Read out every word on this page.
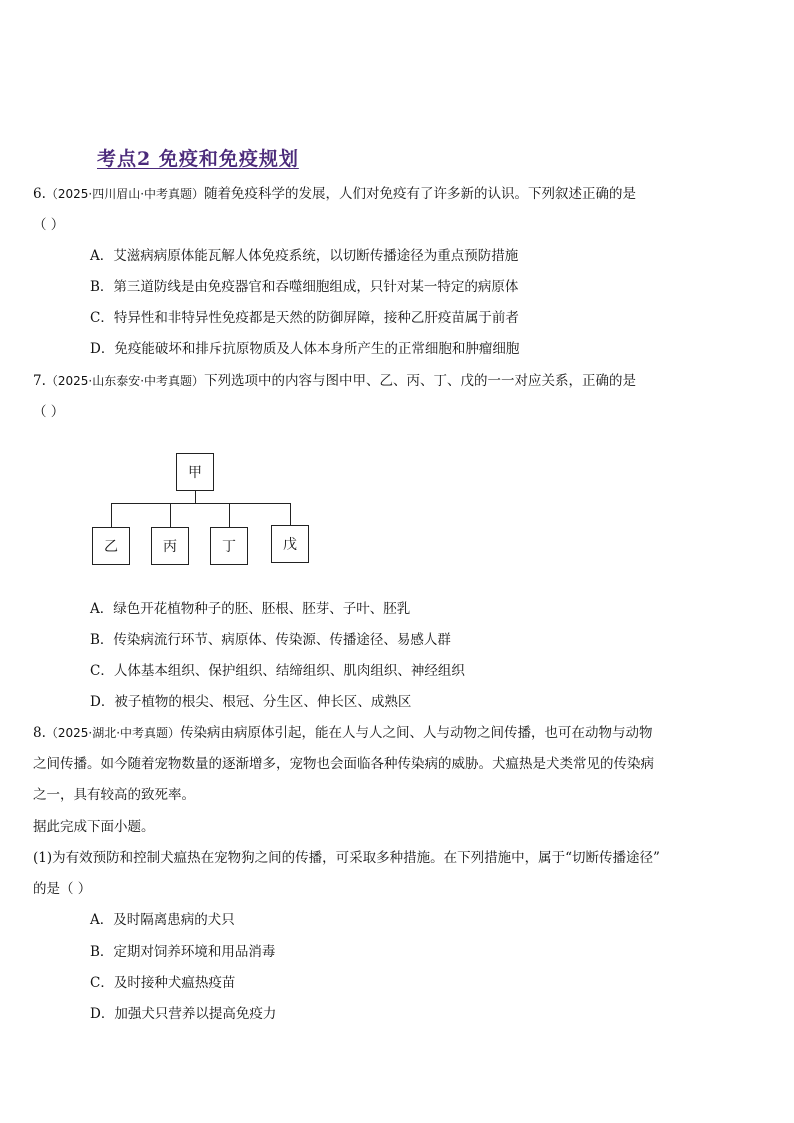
考点2 免疫和免疫规划
6.（2025·四川眉山·中考真题）随着免疫科学的发展，人们对免疫有了许多新的认识。下列叙述正确的是
（ ）
A．艾滋病病原体能瓦解人体免疫系统，以切断传播途径为重点预防措施
B．第三道防线是由免疫器官和吞噬细胞组成，只针对某一特定的病原体
C．特异性和非特异性免疫都是天然的防御屏障，接种乙肝疫苗属于前者
D．免疫能破坏和排斥抗原物质及人体本身所产生的正常细胞和肿瘤细胞
7.（2025·山东泰安·中考真题）下列选项中的内容与图中甲、乙、丙、丁、戊的一一对应关系，正确的是
（ ）
甲
乙	丙	丁	戊
A．绿色开花植物种子的胚、胚根、胚芽、子叶、胚乳
B．传染病流行环节、病原体、传染源、传播途径、易感人群
C．人体基本组织、保护组织、结缔组织、肌肉组织、神经组织
D．被子植物的根尖、根冠、分生区、伸长区、成熟区
8.（2025·湖北·中考真题）传染病由病原体引起，能在人与人之间、人与动物之间传播，也可在动物与动物
之间传播。如今随着宠物数量的逐渐增多，宠物也会面临各种传染病的威胁。犬瘟热是犬类常见的传染病
之一，具有较高的致死率。
据此完成下面小题。
(1)为有效预防和控制犬瘟热在宠物狗之间的传播，可采取多种措施。在下列措施中，属于“切断传播途径”
的是（ ）
A．及时隔离患病的犬只
B．定期对饲养环境和用品消毒
C．及时接种犬瘟热疫苗
D．加强犬只营养以提高免疫力
